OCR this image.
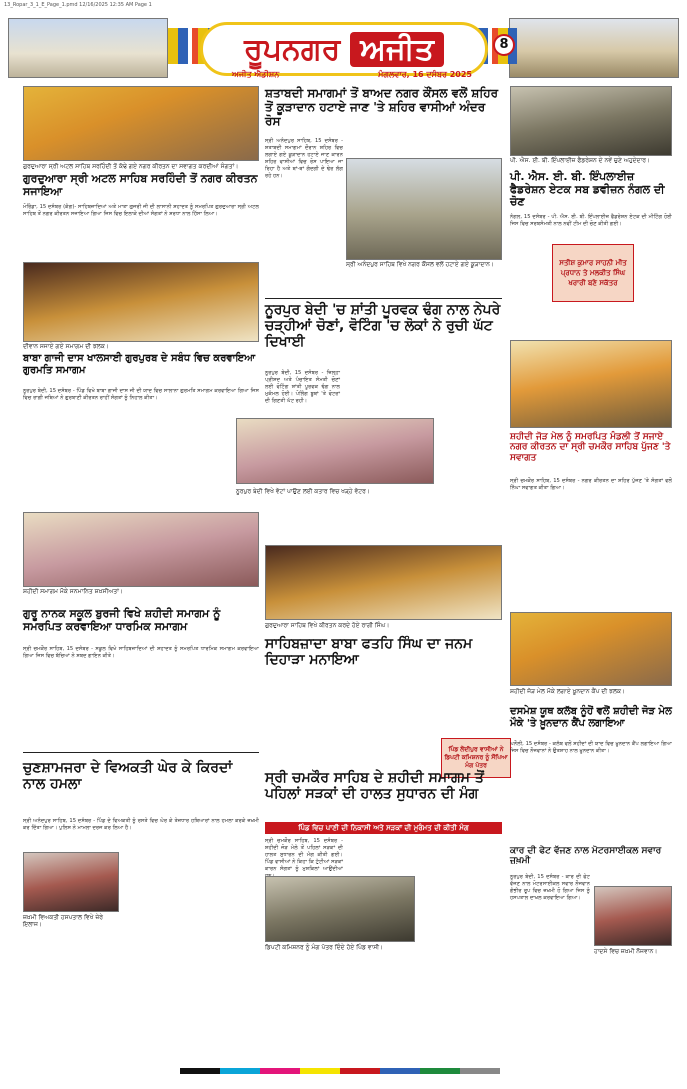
13_Ropar_3_1_E_Page_1.pmd 12/16/2025 12:35 AM Page 1
ਰੂਪਨਗਰ ਅਜੀਤ
ਅਜੀਤ ਐਡੀਸ਼ਨ	ਮੰਗਲਵਾਰ, 16 ਦਸੰਬਰ 2025
8
ਗੁਰਦੁਆਰਾ ਸ੍ਰੀ ਅਟਲ ਸਾਹਿਬ ਸਰਹਿੰਦੀ ਤੋਂ ਕੱਢੇ ਗਏ ਨਗਰ ਕੀਰਤਨ ਦਾ ਸਵਾਗਤ ਕਰਦੀਆਂ ਸੰਗਤਾਂ।
ਗੁਰਦੁਆਰਾ ਸ੍ਰੀ ਅਟਲ ਸਾਹਿਬ ਸਰਹਿੰਦੀ ਤੋਂ ਨਗਰ ਕੀਰਤਨ ਸਜਾਇਆ
ਮੋਰਿੰਡਾ, 15 ਦਸੰਬਰ (ਕੰਗ)- ਸਾਹਿਬਜ਼ਾਦਿਆਂ ਅਤੇ ਮਾਤਾ ਗੁਜਰੀ ਜੀ ਦੀ ਲਾਸਾਨੀ ਸ਼ਹਾਦਤ ਨੂੰ ਸਮਰਪਿਤ ਗੁਰਦੁਆਰਾ ਸ੍ਰੀ ਅਟਲ ਸਾਹਿਬ ਤੋਂ ਨਗਰ ਕੀਰਤਨ ਸਜਾਇਆ ਗਿਆ ਜਿਸ ਵਿਚ ਇਲਾਕੇ ਦੀਆਂ ਸੰਗਤਾਂ ਨੇ ਸ਼ਰਧਾ ਨਾਲ ਹਿੱਸਾ ਲਿਆ।
ਦੀਵਾਨ ਸਜਾਏ ਗਏ ਸਮਾਗਮ ਦੀ ਝਲਕ।
ਬਾਬਾ ਗਾਜੀ ਦਾਸ ਖਾਲਸਾਈ ਗੁਰਪੁਰਬ ਦੇ ਸਬੰਧ ਵਿਚ ਕਰਵਾਇਆ ਗੁਰਮਤਿ ਸਮਾਗਮ
ਨੂਰਪੁਰ ਬੇਦੀ, 15 ਦਸੰਬਰ - ਪਿੰਡ ਵਿਖੇ ਬਾਬਾ ਗਾਜੀ ਦਾਸ ਜੀ ਦੀ ਯਾਦ ਵਿਚ ਸਾਲਾਨਾ ਗੁਰਮਤਿ ਸਮਾਗਮ ਕਰਵਾਇਆ ਗਿਆ ਜਿਸ ਵਿਚ ਰਾਗੀ ਜਥਿਆਂ ਨੇ ਗੁਰਬਾਣੀ ਕੀਰਤਨ ਰਾਹੀਂ ਸੰਗਤਾਂ ਨੂੰ ਨਿਹਾਲ ਕੀਤਾ।
ਸ਼ਹੀਦੀ ਸਮਾਗਮ ਮੌਕੇ ਸਨਮਾਨਿਤ ਸ਼ਖ਼ਸੀਅਤਾਂ।
ਗੁਰੂ ਨਾਨਕ ਸਕੂਲ ਬੁਰਜੀ ਵਿਖੇ ਸ਼ਹੀਦੀ ਸਮਾਗਮ ਨੂੰ ਸਮਰਪਿਤ ਕਰਵਾਇਆ ਧਾਰਮਿਕ ਸਮਾਗਮ
ਸ੍ਰੀ ਚਮਕੌਰ ਸਾਹਿਬ, 15 ਦਸੰਬਰ - ਸਕੂਲ ਵਿਖੇ ਸਾਹਿਬਜ਼ਾਦਿਆਂ ਦੀ ਸ਼ਹਾਦਤ ਨੂੰ ਸਮਰਪਿਤ ਧਾਰਮਿਕ ਸਮਾਗਮ ਕਰਵਾਇਆ ਗਿਆ ਜਿਸ ਵਿਚ ਬੱਚਿਆਂ ਨੇ ਸ਼ਬਦ ਗਾਇਨ ਕੀਤੇ।
ਚੁਣਸ਼ਾਮਜਰਾ ਦੇ ਵਿਅਕਤੀ ਘੇਰ ਕੇ ਕਿਰਦਾਂ ਨਾਲ ਹਮਲਾ
ਸ੍ਰੀ ਅਨੰਦਪੁਰ ਸਾਹਿਬ, 15 ਦਸੰਬਰ - ਪਿੰਡ ਦੇ ਵਿਅਕਤੀ ਨੂੰ ਰਸਤੇ ਵਿਚ ਘੇਰ ਕੇ ਤੇਜ਼ਧਾਰ ਹਥਿਆਰਾਂ ਨਾਲ ਹਮਲਾ ਕਰਕੇ ਜ਼ਖ਼ਮੀ ਕਰ ਦਿੱਤਾ ਗਿਆ। ਪੁਲਿਸ ਨੇ ਮਾਮਲਾ ਦਰਜ ਕਰ ਲਿਆ ਹੈ।
ਜ਼ਖ਼ਮੀ ਵਿਅਕਤੀ ਹਸਪਤਾਲ ਵਿਖੇ ਜ਼ੇਰੇ ਇਲਾਜ।
ਸ਼ਤਾਬਦੀ ਸਮਾਗਮਾਂ ਤੋਂ ਬਾਅਦ ਨਗਰ ਕੌਂਸਲ ਵਲੋਂ ਸ਼ਹਿਰ ਤੋਂ ਕੂੜਾਦਾਨ ਹਟਾਏ ਜਾਣ 'ਤੇ ਸ਼ਹਿਰ ਵਾਸੀਆਂ ਅੰਦਰ ਰੋਸ
ਸ੍ਰੀ ਅਨੰਦਪੁਰ ਸਾਹਿਬ, 15 ਦਸੰਬਰ - ਸ਼ਤਾਬਦੀ ਸਮਾਗਮਾਂ ਦੌਰਾਨ ਸ਼ਹਿਰ ਵਿਚ ਲਗਾਏ ਗਏ ਕੂੜਾਦਾਨ ਹਟਾਏ ਜਾਣ ਕਾਰਨ ਸ਼ਹਿਰ ਵਾਸੀਆਂ ਵਿਚ ਰੋਸ ਪਾਇਆ ਜਾ ਰਿਹਾ ਹੈ ਅਤੇ ਥਾਂ-ਥਾਂ ਗੰਦਗੀ ਦੇ ਢੇਰ ਲੱਗ ਰਹੇ ਹਨ।
ਸ੍ਰੀ ਅਨੰਦਪੁਰ ਸਾਹਿਬ ਵਿਖੇ ਨਗਰ ਕੌਂਸਲ ਵਲੋਂ ਹਟਾਏ ਗਏ ਕੂੜਾਦਾਨ।
ਨੂਰਪੁਰ ਬੇਦੀ 'ਚ ਸ਼ਾਂਤੀ ਪੂਰਵਕ ਢੰਗ ਨਾਲ ਨੇਪਰੇ ਚੜ੍ਹੀਆਂ ਚੋਣਾਂ, ਵੋਟਿੰਗ 'ਚ ਲੋਕਾਂ ਨੇ ਰੁਚੀ ਘੱਟ ਦਿਖਾਈ
ਨੂਰਪੁਰ ਬੇਦੀ, 15 ਦਸੰਬਰ - ਜ਼ਿਲ੍ਹਾ ਪ੍ਰੀਸ਼ਦ ਅਤੇ ਪੰਚਾਇਤ ਸੰਮਤੀ ਚੋਣਾਂ ਲਈ ਵੋਟਿੰਗ ਸ਼ਾਂਤੀ ਪੂਰਵਕ ਢੰਗ ਨਾਲ ਮੁਕੰਮਲ ਹੋਈ। ਪੋਲਿੰਗ ਬੂਥਾਂ 'ਤੇ ਵੋਟਰਾਂ ਦੀ ਗਿਣਤੀ ਘੱਟ ਰਹੀ।
ਨੂਰਪੁਰ ਬੇਦੀ ਵਿਖੇ ਵੋਟਾਂ ਪਾਉਣ ਲਈ ਕਤਾਰ ਵਿਚ ਖੜ੍ਹੇ ਵੋਟਰ।
ਗੁਰਦੁਆਰਾ ਸਾਹਿਬ ਵਿਖੇ ਕੀਰਤਨ ਕਰਦੇ ਹੋਏ ਰਾਗੀ ਸਿੰਘ।
ਸਾਹਿਬਜ਼ਾਦਾ ਬਾਬਾ ਫਤਹਿ ਸਿੰਘ ਦਾ ਜਨਮ ਦਿਹਾੜਾ ਮਨਾਇਆ
ਪਿੰਡ ਲੋਦੀਪੁਰ ਵਾਸੀਆਂ ਨੇ ਡਿਪਟੀ ਕਮਿਸ਼ਨਰ ਨੂੰ ਸੌਂਪਿਆ ਮੰਗ ਪੱਤਰ
ਸ੍ਰੀ ਚਮਕੌਰ ਸਾਹਿਬ ਦੇ ਸ਼ਹੀਦੀ ਸਮਾਗਮ ਤੋਂ ਪਹਿਲਾਂ ਸੜਕਾਂ ਦੀ ਹਾਲਤ ਸੁਧਾਰਨ ਦੀ ਮੰਗ
ਪਿੰਡ ਵਿਚ ਪਾਣੀ ਦੀ ਨਿਕਾਸੀ ਅਤੇ ਸੜਕਾਂ ਦੀ ਮੁਰੰਮਤ ਦੀ ਕੀਤੀ ਮੰਗ
ਸ੍ਰੀ ਚਮਕੌਰ ਸਾਹਿਬ, 15 ਦਸੰਬਰ - ਸ਼ਹੀਦੀ ਜੋੜ ਮੇਲੇ ਤੋਂ ਪਹਿਲਾਂ ਸੜਕਾਂ ਦੀ ਹਾਲਤ ਸੁਧਾਰਨ ਦੀ ਮੰਗ ਕੀਤੀ ਗਈ। ਪਿੰਡ ਵਾਸੀਆਂ ਨੇ ਕਿਹਾ ਕਿ ਟੁੱਟੀਆਂ ਸੜਕਾਂ ਕਾਰਨ ਸੰਗਤਾਂ ਨੂੰ ਮੁਸ਼ਕਿਲਾਂ ਆਉਂਦੀਆਂ
ਡਿਪਟੀ ਕਮਿਸ਼ਨਰ ਨੂੰ ਮੰਗ ਪੱਤਰ ਦਿੰਦੇ ਹੋਏ ਪਿੰਡ ਵਾਸੀ।
ਪੀ. ਐਸ. ਈ. ਬੀ. ਇੰਪਲਾਈਜ਼ ਫੈਡਰੇਸ਼ਨ ਦੇ ਨਵੇਂ ਚੁਣੇ ਅਹੁਦੇਦਾਰ।
ਪੀ. ਐਸ. ਈ. ਬੀ. ਇੰਪਲਾਈਜ਼ ਫੈਡਰੇਸ਼ਨ ਏਟਕ ਸਬ ਡਵੀਜ਼ਨ ਨੰਗਲ ਦੀ ਚੋਣ
ਨੰਗਲ, 15 ਦਸੰਬਰ - ਪੀ. ਐਸ. ਈ. ਬੀ. ਇੰਪਲਾਈਜ਼ ਫੈਡਰੇਸ਼ਨ ਏਟਕ ਦੀ ਮੀਟਿੰਗ ਹੋਈ ਜਿਸ ਵਿਚ ਸਰਬਸੰਮਤੀ ਨਾਲ ਨਵੀਂ ਟੀਮ ਦੀ ਚੋਣ ਕੀਤੀ ਗਈ।
ਸਤੀਸ਼ ਕੁਮਾਰ ਸਾਹਨੀ ਮੀਤ ਪ੍ਰਧਾਨ ਤੇ ਮਲਕੀਤ ਸਿੰਘ ਖਰਾਰੀ ਬਣੇ ਸਕੱਤਰ
ਸ਼ਹੀਦੀ ਜੋੜ ਮੇਲ ਨੂੰ ਸਮਰਪਿਤ ਮੰਡਲੀ ਤੋਂ ਸਜਾਏ ਨਗਰ ਕੀਰਤਨ ਦਾ ਸ੍ਰੀ ਚਮਕੌਰ ਸਾਹਿਬ ਪੁੱਜਣ 'ਤੇ ਸਵਾਗਤ
ਸ੍ਰੀ ਚਮਕੌਰ ਸਾਹਿਬ, 15 ਦਸੰਬਰ - ਨਗਰ ਕੀਰਤਨ ਦਾ ਸ਼ਹਿਰ ਪੁੱਜਣ 'ਤੇ ਸੰਗਤਾਂ ਵਲੋਂ ਨਿੱਘਾ ਸਵਾਗਤ ਕੀਤਾ ਗਿਆ।
ਸ਼ਹੀਦੀ ਜੋੜ ਮੇਲ ਮੌਕੇ ਲਗਾਏ ਖ਼ੂਨਦਾਨ ਕੈਂਪ ਦੀ ਝਲਕ।
ਦਸਮੇਸ਼ ਯੂਥ ਕਲੱਬ ਨੂੰਹੋਂ ਵਲੋਂ ਸ਼ਹੀਦੀ ਜੋੜ ਮੇਲ ਮੌਕੇ 'ਤੇ ਖ਼ੂਨਦਾਨ ਕੈਂਪ ਲਗਾਇਆ
ਘਨੌਲੀ, 15 ਦਸੰਬਰ - ਕਲੱਬ ਵਲੋਂ ਸ਼ਹੀਦਾਂ ਦੀ ਯਾਦ ਵਿਚ ਖ਼ੂਨਦਾਨ ਕੈਂਪ ਲਗਾਇਆ ਗਿਆ ਜਿਸ ਵਿਚ ਨੌਜਵਾਨਾਂ ਨੇ ਉਤਸ਼ਾਹ ਨਾਲ ਖ਼ੂਨਦਾਨ ਕੀਤਾ।
ਕਾਰ ਦੀ ਫੇਟ ਵੱਜਣ ਨਾਲ ਮੋਟਰਸਾਈਕਲ ਸਵਾਰ ਜ਼ਖ਼ਮੀ
ਨੂਰਪੁਰ ਬੇਦੀ, 15 ਦਸੰਬਰ - ਕਾਰ ਦੀ ਫੇਟ ਵੱਜਣ ਨਾਲ ਮੋਟਰਸਾਈਕਲ ਸਵਾਰ ਨੌਜਵਾਨ ਗੰਭੀਰ ਰੂਪ ਵਿਚ ਜ਼ਖ਼ਮੀ ਹੋ ਗਿਆ ਜਿਸ ਨੂੰ ਹਸਪਤਾਲ ਦਾਖ਼ਲ ਕਰਵਾਇਆ ਗਿਆ।
ਹਾਦਸੇ ਵਿਚ ਜ਼ਖ਼ਮੀ ਨੌਜਵਾਨ।
